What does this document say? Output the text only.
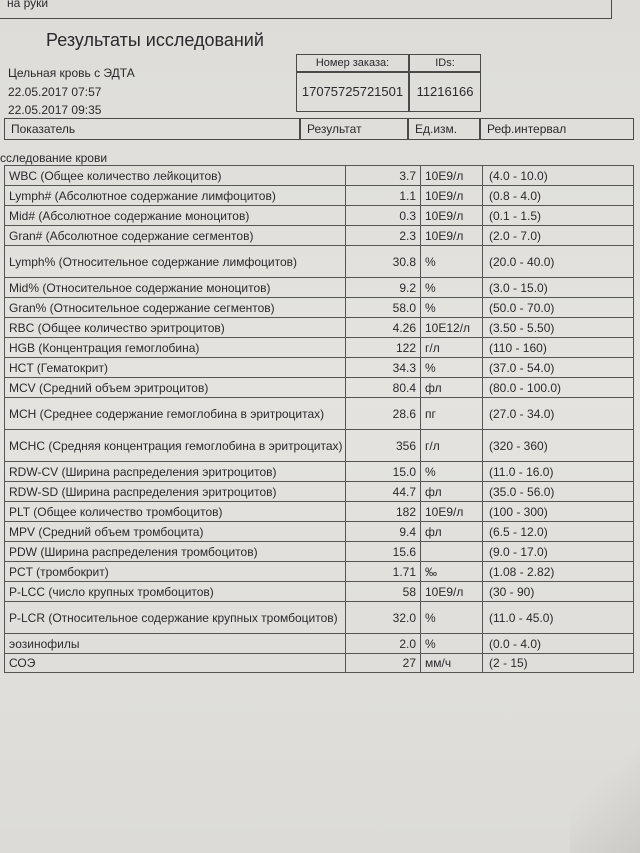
на руки
Результаты исследований
Цельная кровь с ЭДТА
22.05.2017 07:57
22.05.2017 09:35
Номер заказа:	IDs:
17075725721501	11216166
Показатель	Результат	Ед.изм.	Реф.интервал
сследование крови
WBC (Общее количество лейкоцитов)	3.7 10E9/л	(4.0 - 10.0)
Lymph# (Абсолютное содержание лимфоцитов)	1.1 10E9/л	(0.8 - 4.0)
Mid# (Абсолютное содержание моноцитов)	0.3 10E9/л	(0.1 - 1.5)
Gran# (Абсолютное содержание сегментов)	2.3 10E9/л	(2.0 - 7.0)
Lymph% (Относительное содержание лимфоцитов)	30.8 %	(20.0 - 40.0)
Mid% (Относительное содержание моноцитов)	9.2 %	(3.0 - 15.0)
Gran% (Относительное содержание сегментов)	58.0 %	(50.0 - 70.0)
RBC (Общее количество эритроцитов)	4.26 10E12/л	(3.50 - 5.50)
HGB (Концентрация гемоглобина)	122 г/л	(110 - 160)
HCT (Гематокрит)	34.3 %	(37.0 - 54.0)
MCV (Средний объем эритроцитов)	80.4 фл	(80.0 - 100.0)
MCH (Среднее содержание гемоглобина в эритроцитах)	28.6 пг	(27.0 - 34.0)
MCHC (Средняя концентрация гемоглобина в эритроцитах)	356 г/л	(320 - 360)
RDW-CV (Ширина распределения эритроцитов)	15.0 %	(11.0 - 16.0)
RDW-SD (Ширина распределения эритроцитов)	44.7 фл	(35.0 - 56.0)
PLT (Общее количество тромбоцитов)	182 10E9/л	(100 - 300)
MPV (Средний объем тромбоцита)	9.4 фл	(6.5 - 12.0)
PDW (Ширина распределения тромбоцитов)	15.6	(9.0 - 17.0)
PCT (тромбокрит)	1.71 ‰	(1.08 - 2.82)
P-LCC (число крупных тромбоцитов)	58 10E9/л	(30 - 90)
P-LCR (Относительное содержание крупных тромбоцитов)	32.0 %	(11.0 - 45.0)
эозинофилы	2.0 %	(0.0 - 4.0)
СОЭ	27 мм/ч	(2 - 15)
